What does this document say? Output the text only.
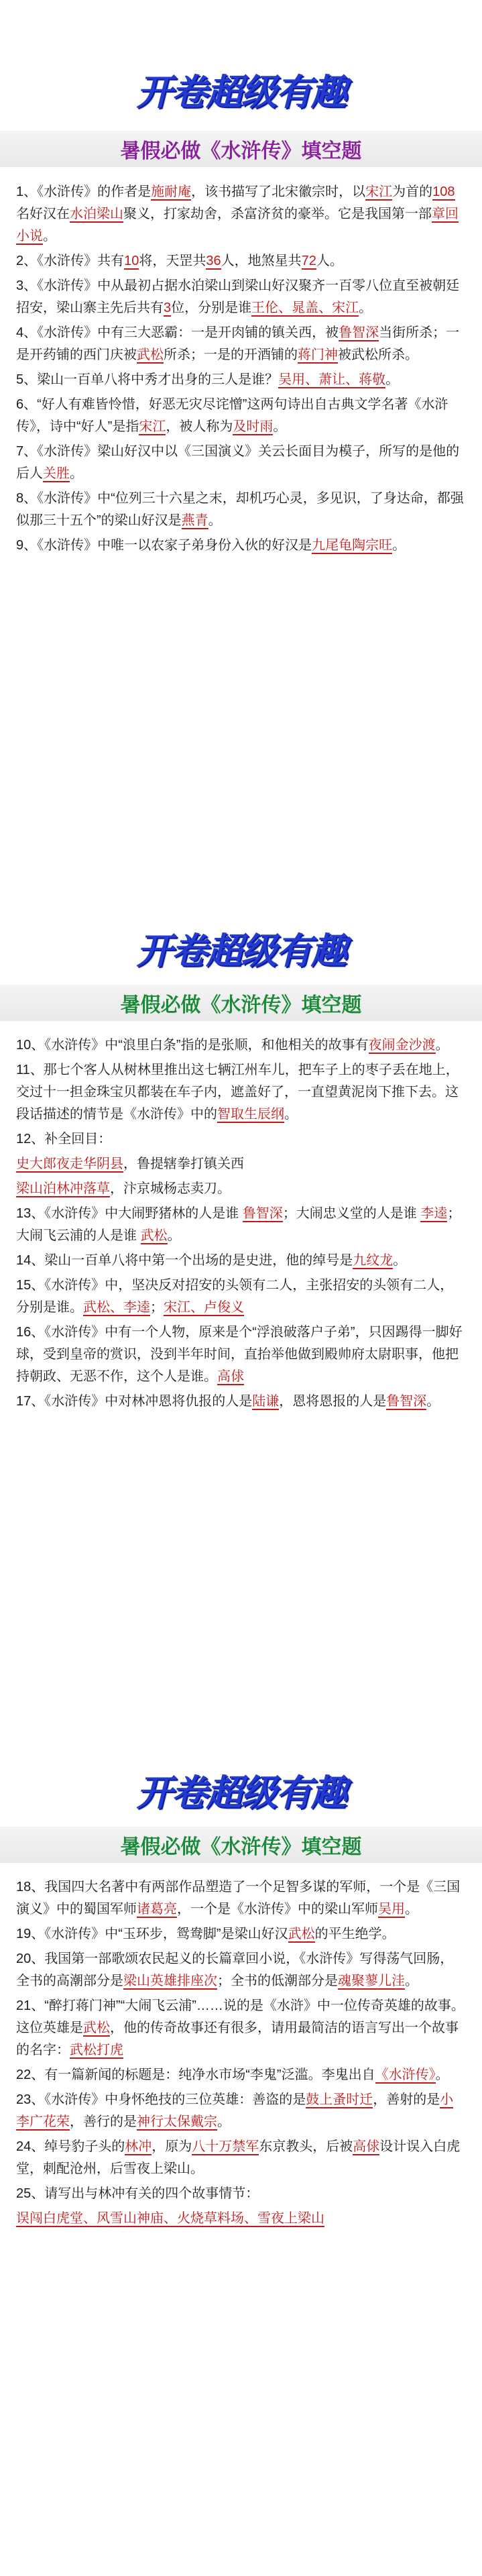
开卷超级有趣
暑假必做《水浒传》填空题
1、《水浒传》的作者是施耐庵，该书描写了北宋徽宗时，以宋江为首的108名好汉在水泊梁山聚义，打家劫舍，杀富济贫的豪举。它是我国第一部章回小说。
2、《水浒传》共有10将，天罡共36人，地煞星共72人。
3、《水浒传》中从最初占据水泊梁山到梁山好汉聚齐一百零八位直至被朝廷招安，梁山寨主先后共有3位，分别是谁王伦、晁盖、宋江。
4、《水浒传》中有三大恶霸：一是开肉铺的镇关西，被鲁智深当街所杀；一是开药铺的西门庆被武松所杀；一是的开酒铺的蒋门神被武松所杀。
5、梁山一百单八将中秀才出身的三人是谁？吴用、萧让、蒋敬。
6、“好人有难皆怜惜，好恶无灾尽诧憎”这两句诗出自古典文学名著《水浒传》，诗中“好人”是指宋江，被人称为及时雨。
7、《水浒传》梁山好汉中以《三国演义》关云长面目为模子，所写的是他的后人关胜。
8、《水浒传》中“位列三十六星之末，却机巧心灵，多见识，了身达命，都强似那三十五个”的梁山好汉是燕青。
9、《水浒传》中唯一以农家子弟身份入伙的好汉是九尾龟陶宗旺。
开卷超级有趣
暑假必做《水浒传》填空题
10、《水浒传》中“浪里白条”指的是张顺，和他相关的故事有夜闹金沙渡。
11、那七个客人从树林里推出这七辆江州车儿，把车子上的枣子丢在地上，交过十一担金珠宝贝都装在车子内，遮盖好了，一直望黄泥岗下推下去。这段话描述的情节是《水浒传》中的智取生辰纲。
12、补全回目：
史大郎夜走华阴县，鲁提辖拳打镇关西
梁山泊林冲落草，汴京城杨志卖刀。
13、《水浒传》中大闹野猪林的人是谁 鲁智深；大闹忠义堂的人是谁 李逵；大闹飞云浦的人是谁 武松。
14、梁山一百单八将中第一个出场的是史进，他的绰号是九纹龙。
15、《水浒传》中，坚决反对招安的头领有二人，主张招安的头领有二人，分别是谁。武松、李逵；宋江、卢俊义
16、《水浒传》中有一个人物，原来是个“浮浪破落户子弟”，只因踢得一脚好球，受到皇帝的赏识，没到半年时间，直抬举他做到殿帅府太尉职事，他把持朝政、无恶不作，这个人是谁。高俅
17、《水浒传》中对林冲恩将仇报的人是陆谦，恩将恩报的人是鲁智深。
开卷超级有趣
暑假必做《水浒传》填空题
18、我国四大名著中有两部作品塑造了一个足智多谋的军师，一个是《三国演义》中的蜀国军师诸葛亮，一个是《水浒传》中的梁山军师吴用。
19、《水浒传》中“玉环步，鸳鸯脚”是梁山好汉武松的平生绝学。
20、我国第一部歌颂农民起义的长篇章回小说，《水浒传》写得荡气回肠，全书的高潮部分是梁山英雄排座次；全书的低潮部分是魂聚蓼儿洼。
21、“醉打蒋门神”“大闹飞云浦”……说的是《水浒》中一位传奇英雄的故事。这位英雄是武松，他的传奇故事还有很多，请用最简洁的语言写出一个故事的名字：武松打虎
22、有一篇新闻的标题是：纯净水市场“李鬼”泛滥。李鬼出自《水浒传》。
23、《水浒传》中身怀绝技的三位英雄：善盗的是鼓上蚤时迁，善射的是小李广花荣，善行的是神行太保戴宗。
24、绰号豹子头的林冲，原为八十万禁军东京教头，后被高俅设计误入白虎堂，刺配沧州，后雪夜上梁山。
25、请写出与林冲有关的四个故事情节：
误闯白虎堂、风雪山神庙、火烧草料场、雪夜上梁山
